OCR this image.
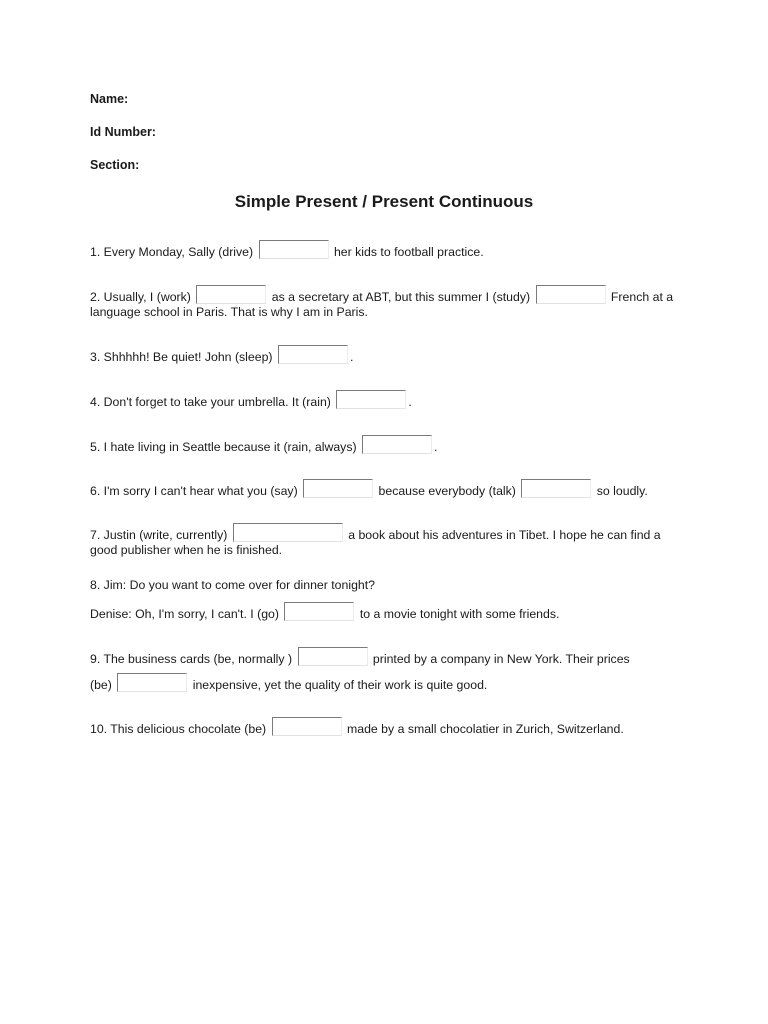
Name:
Id Number:
Section:
Simple Present / Present Continuous
1. Every Monday, Sally (drive)	her kids to football practice.
2. Usually, I (work)	as a secretary at ABT, but this summer I (study)	French at a
language school in Paris. That is why I am in Paris.
3. Shhhhh! Be quiet! John (sleep)	.
4. Don't forget to take your umbrella. It (rain)	.
5. I hate living in Seattle because it (rain, always)	.
6. I'm sorry I can't hear what you (say)	because everybody (talk)	so loudly.
7. Justin (write, currently)	a book about his adventures in Tibet. I hope he can find a
good publisher when he is finished.
8. Jim: Do you want to come over for dinner tonight?
Denise: Oh, I'm sorry, I can't. I (go)	to a movie tonight with some friends.
9. The business cards (be, normally )	printed by a company in New York. Their prices
(be)	inexpensive, yet the quality of their work is quite good.
10. This delicious chocolate (be)	made by a small chocolatier in Zurich, Switzerland.
